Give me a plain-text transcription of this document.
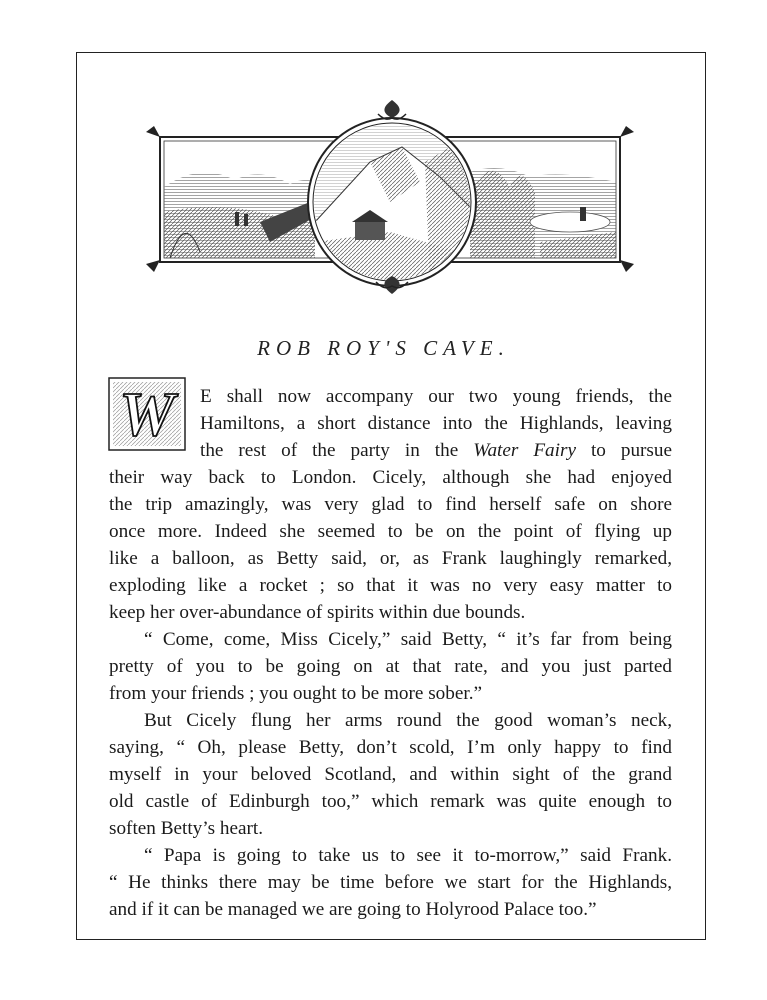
ROB ROY'S CAVE.
W	E shall now accompany our two young friends, the
Hamiltons, a short distance into the Highlands, leaving
the rest of the party in the Water Fairy to pursue
their way back to London. Cicely, although she had enjoyed
the trip amazingly, was very glad to find herself safe on shore
once more. Indeed she seemed to be on the point of flying up
like a balloon, as Betty said, or, as Frank laughingly remarked,
exploding like a rocket ; so that it was no very easy matter to
keep her over-abundance of spirits within due bounds.
“ Come, come, Miss Cicely,” said Betty, “ it’s far from being
pretty of you to be going on at that rate, and you just parted
from your friends ; you ought to be more sober.”
But Cicely flung her arms round the good woman’s neck,
saying, “ Oh, please Betty, don’t scold, I’m only happy to find
myself in your beloved Scotland, and within sight of the grand
old castle of Edinburgh too,” which remark was quite enough to
soften Betty’s heart.
“ Papa is going to take us to see it to-morrow,” said Frank.
“ He thinks there may be time before we start for the Highlands,
and if it can be managed we are going to Holyrood Palace too.”
